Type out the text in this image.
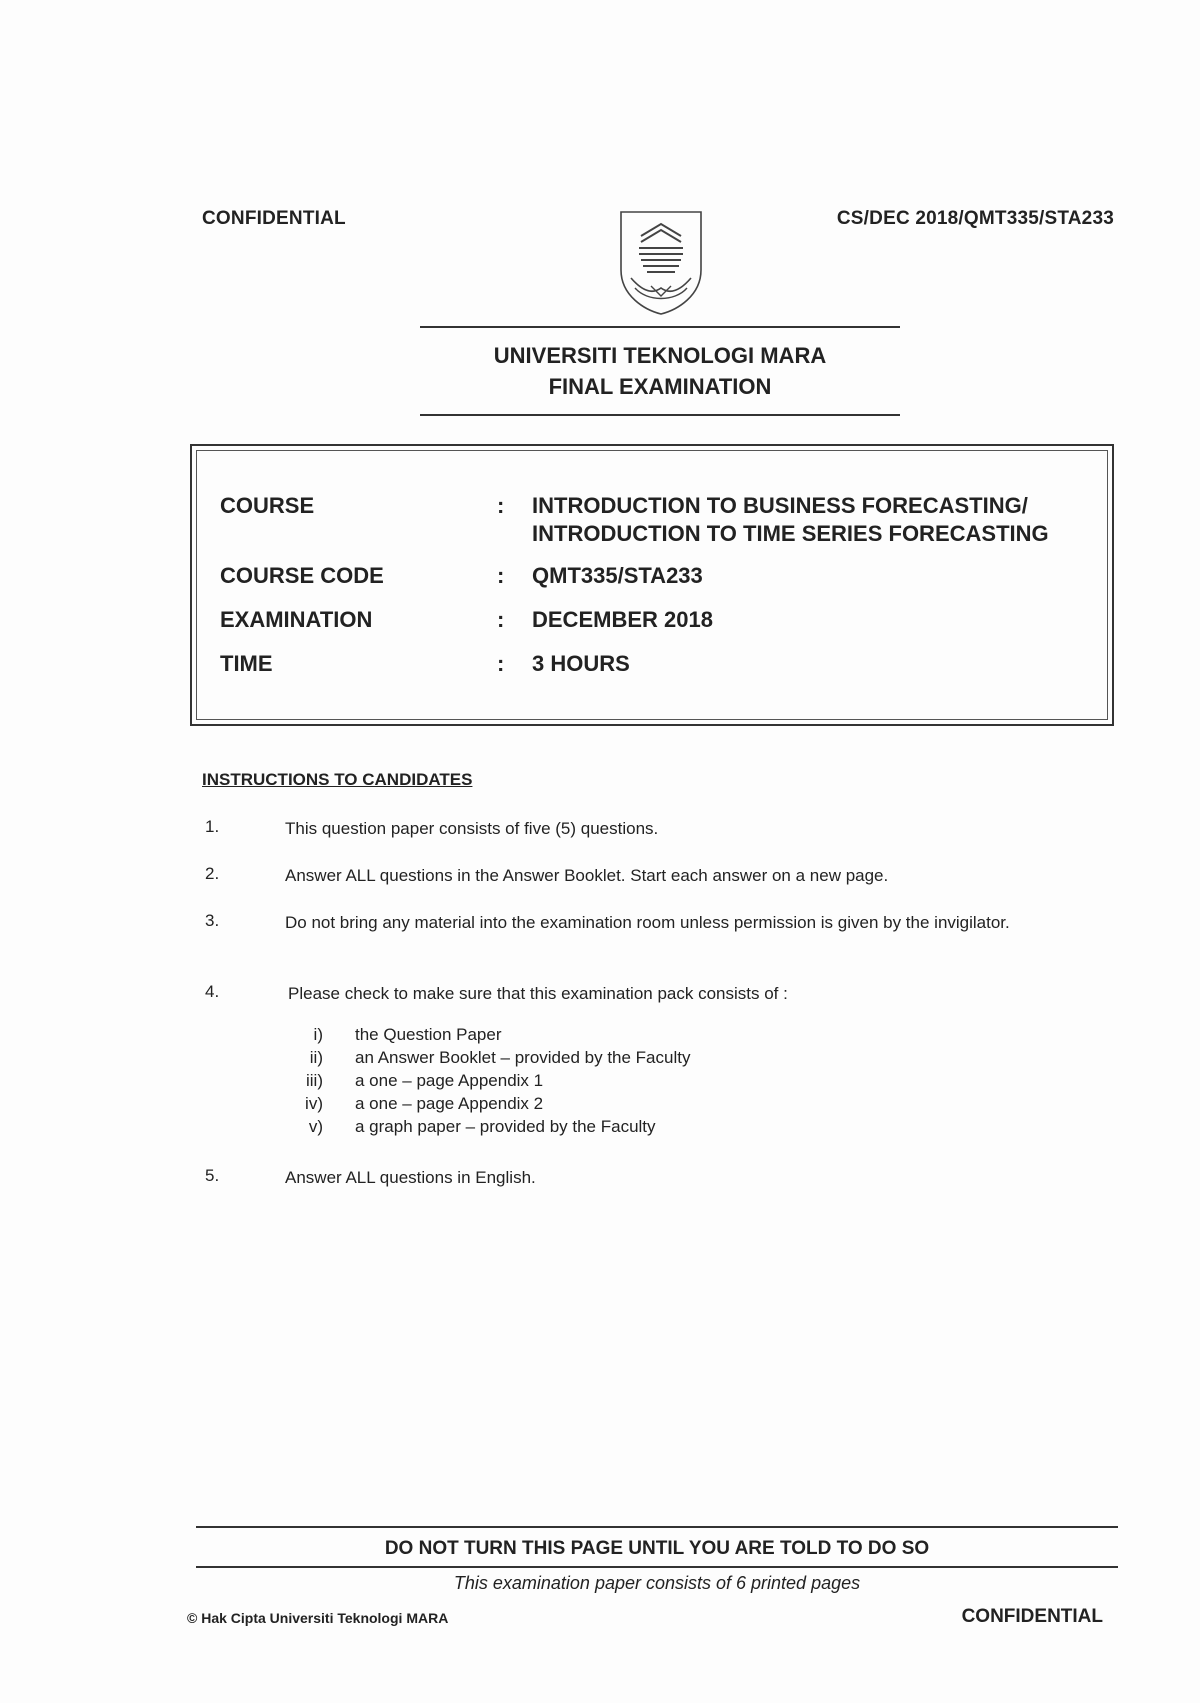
CONFIDENTIAL	CS/DEC 2018/QMT335/STA233
UNIVERSITI TEKNOLOGI MARA
FINAL EXAMINATION
COURSE	: INTRODUCTION TO BUSINESS FORECASTING/
INTRODUCTION TO TIME SERIES FORECASTING
COURSE CODE	: QMT335/STA233
EXAMINATION	: DECEMBER 2018
TIME	: 3 HOURS
INSTRUCTIONS TO CANDIDATES
1.	This question paper consists of five (5) questions.
2.	Answer ALL questions in the Answer Booklet. Start each answer on a new page.
3.	Do not bring any material into the examination room unless permission is given by the invigilator.
4.	Please check to make sure that this examination pack consists of :
i) the Question Paper
ii) an Answer Booklet – provided by the Faculty
iii) a one – page Appendix 1
iv) a one – page Appendix 2
v) a graph paper – provided by the Faculty
5.	Answer ALL questions in English.
DO NOT TURN THIS PAGE UNTIL YOU ARE TOLD TO DO SO
This examination paper consists of 6 printed pages
© Hak Cipta Universiti Teknologi MARA	CONFIDENTIAL
